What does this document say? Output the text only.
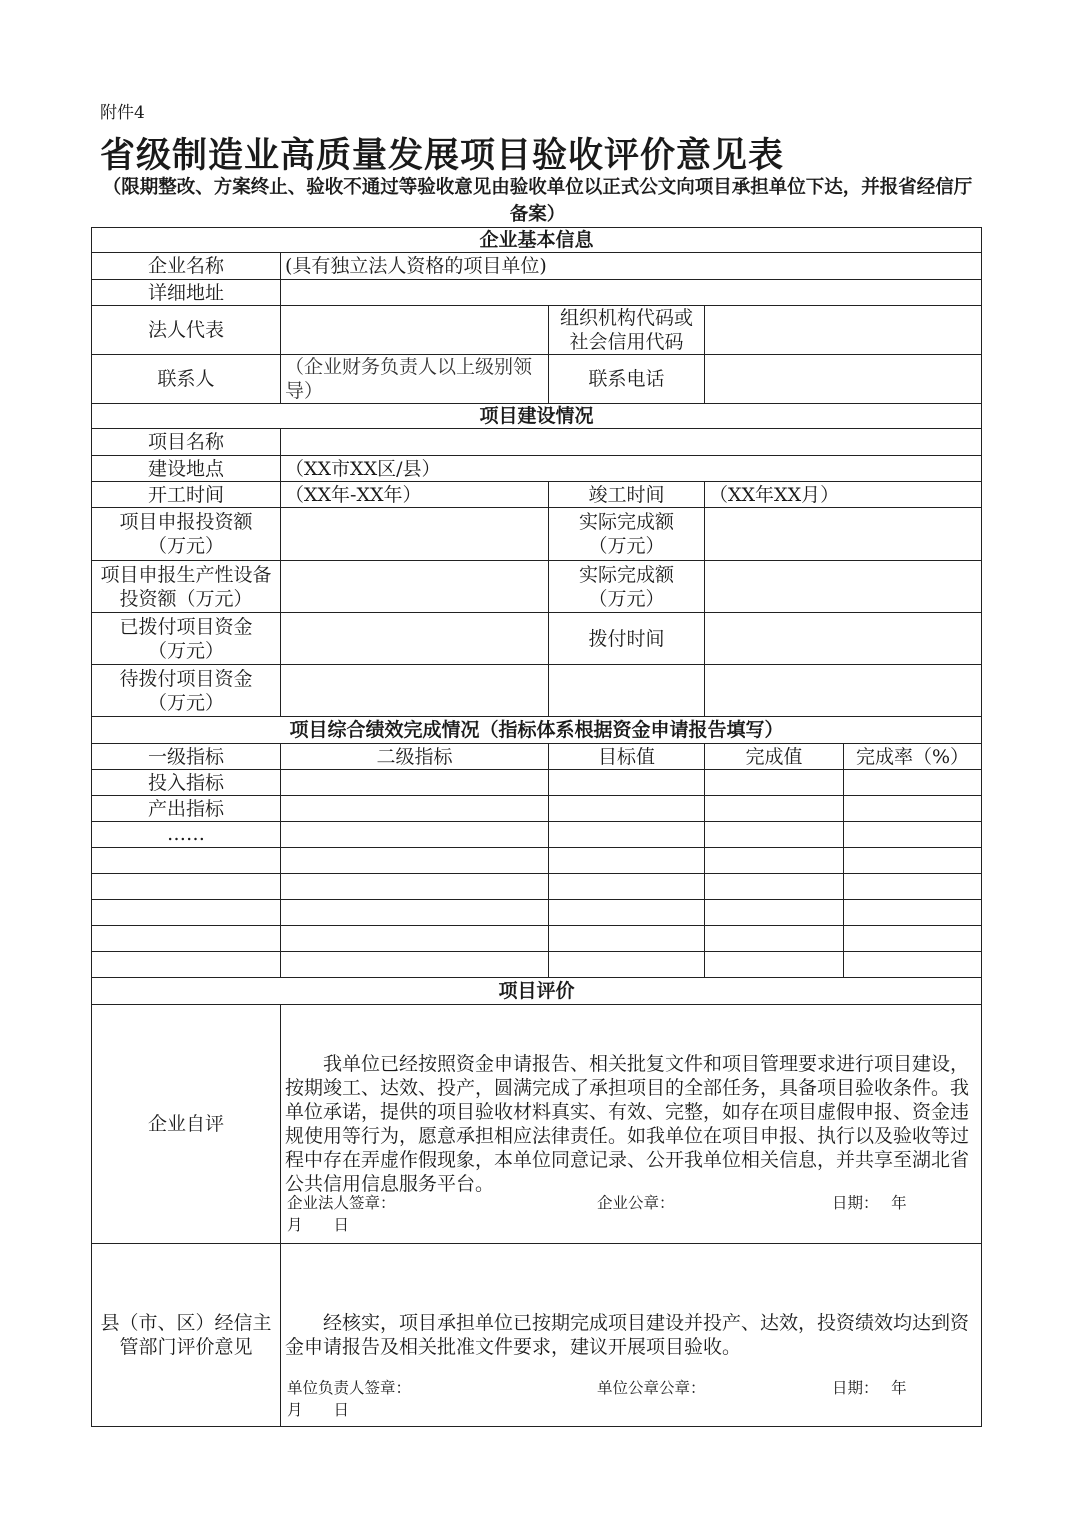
附件4
省级制造业高质量发展项目验收评价意见表
（限期整改、方案终止、验收不通过等验收意见由验收单位以正式公文向项目承担单位下达，并报省经信厅备案）
企业基本信息				
企业名称	(具有独立法人资格的项目单位)			
详细地址				
法人代表		组织机构代码或社会信用代码		
联系人	（企业财务负责人以上级别领导）	联系电话		
项目建设情况				
项目名称				
建设地点	（XX市XX区/县）			
开工时间	（XX年-XX年）	竣工时间	（XX年XX月）	
项目申报投资额（万元）		实际完成额（万元）		
项目申报生产性设备投资额（万元）		实际完成额（万元）		
已拨付项目资金（万元）		拨付时间		
待拨付项目资金（万元）				
项目综合绩效完成情况（指标体系根据资金申请报告填写）				
一级指标	二级指标	目标值	完成值	完成率（%）
投入指标				
产出指标				
……				

项目评价				
企业自评	我单位已经按照资金申请报告、相关批复文件和项目管理要求进行项目建设，按期竣工、达效、投产，圆满完成了承担项目的全部任务，具备项目验收条件。我单位承诺，提供的项目验收材料真实、有效、完整，如存在项目虚假申报、资金违规使用等行为，愿意承担相应法律责任。如我单位在项目申报、执行以及验收等过程中存在弄虚作假现象，本单位同意记录、公开我单位相关信息，并共享至湖北省公共信用信息服务平台。
企业法人签章： 企业公章： 日期：　 年
月　　日			

县（市、区）经信主管部门评价意见	经核实，项目承担单位已按期完成项目建设并投产、达效，投资绩效均达到资金申请报告及相关批准文件要求，建议开展项目验收。
单位负责人签章： 单位公章公章： 日期：　 年
月　　日			
